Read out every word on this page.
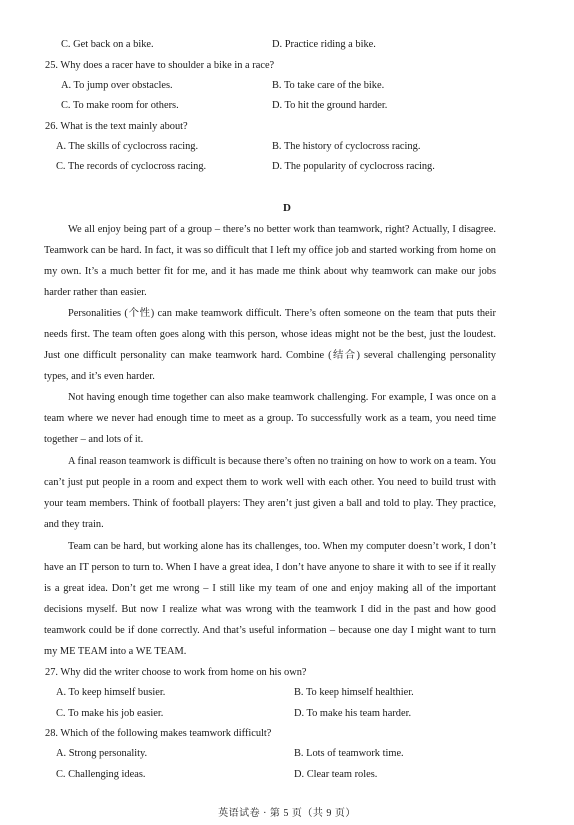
C. Get back on a bike.	D. Practice riding a bike.
25. Why does a racer have to shoulder a bike in a race?
A. To jump over obstacles.	B. To take care of the bike.
C. To make room for others.	D. To hit the ground harder.
26. What is the text mainly about?
A. The skills of cyclocross racing.	B. The history of cyclocross racing.
C. The records of cyclocross racing.	D. The popularity of cyclocross racing.
D

We all enjoy being part of a group – there’s no better work than teamwork, right? Actually, I disagree. Teamwork can be hard. In fact, it was so difficult that I left my office job and started working from home on my own. It’s a much better fit for me, and it has made me think about why teamwork can make our jobs harder rather than easier.

Personalities (个性) can make teamwork difficult. There’s often someone on the team that puts their needs first. The team often goes along with this person, whose ideas might not be the best, just the loudest. Just one difficult personality can make teamwork hard. Combine (结合) several challenging personality types, and it’s even harder.

Not having enough time together can also make teamwork challenging. For example, I was once on a team where we never had enough time to meet as a group. To successfully work as a team, you need time together – and lots of it.

A final reason teamwork is difficult is because there’s often no training on how to work on a team. You can’t just put people in a room and expect them to work well with each other. You need to build trust with your team members. Think of football players: They aren’t just given a ball and told to play. They practice, and they train.

Team can be hard, but working alone has its challenges, too. When my computer doesn’t work, I don’t have an IT person to turn to. When I have a great idea, I don’t have anyone to share it with to see if it really is a great idea. Don’t get me wrong – I still like my team of one and enjoy making all of the important decisions myself. But now I realize what was wrong with the teamwork I did in the past and how good teamwork could be if done correctly. And that’s useful information – because one day I might want to turn my ME TEAM into a WE TEAM.

27. Why did the writer choose to work from home on his own?
A. To keep himself busier.	B. To keep himself healthier.
C. To make his job easier.	D. To make his team harder.
28. Which of the following makes teamwork difficult?
A. Strong personality.	B. Lots of teamwork time.
C. Challenging ideas.	D. Clear team roles.
英语试卷 · 第 5 页（共 9 页）
